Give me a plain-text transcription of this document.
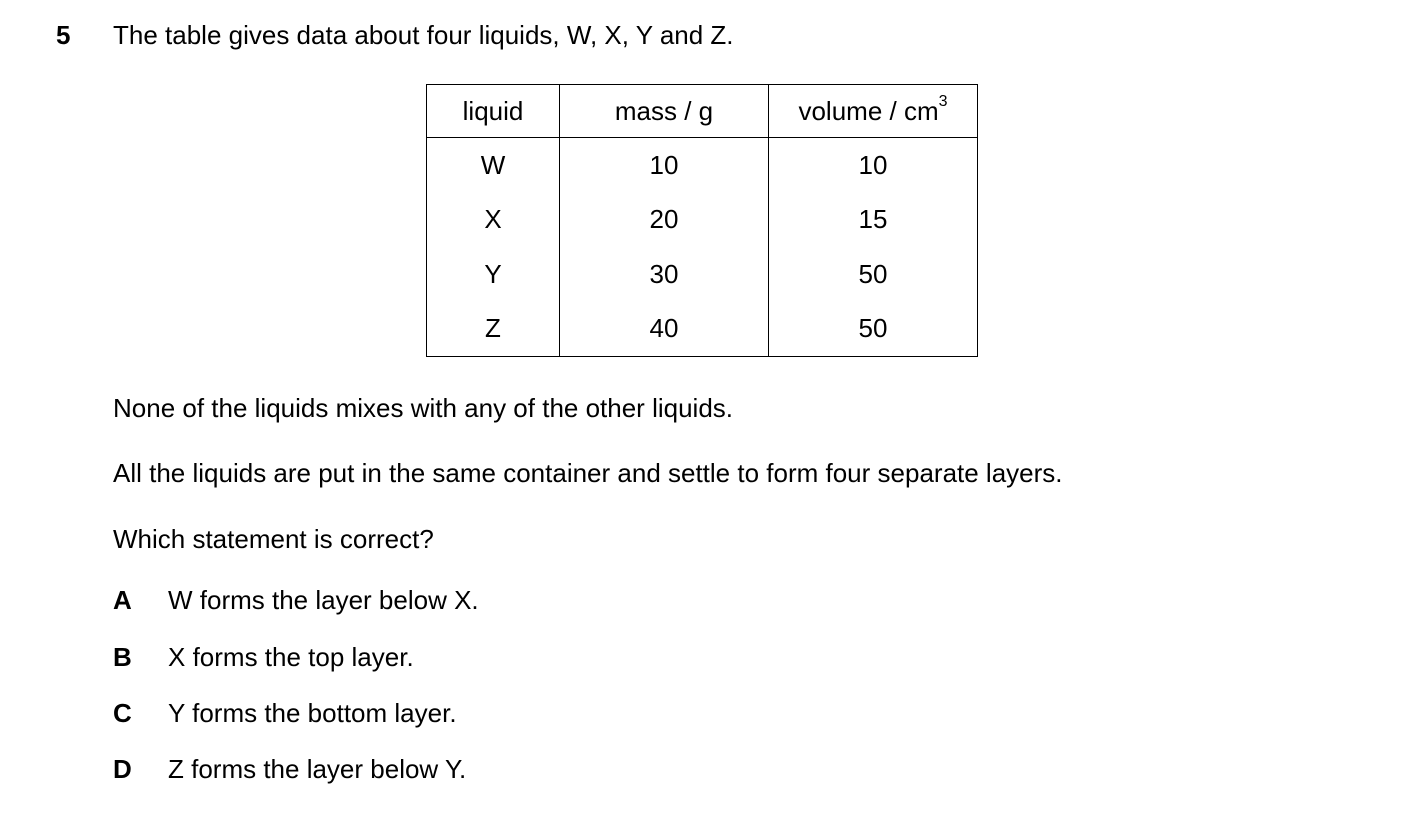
5 The table gives data about four liquids, W, X, Y and Z.
liquid	mass / g	volume / $cm^3$
W	10	10
X	20	15
Y	30	50
Z	40	50
None of the liquids mixes with any of the other liquids.
All the liquids are put in the same container and settle to form four separate layers.
Which statement is correct?
A W forms the layer below X.
B X forms the top layer.
C Y forms the bottom layer.
D Z forms the layer below Y.
